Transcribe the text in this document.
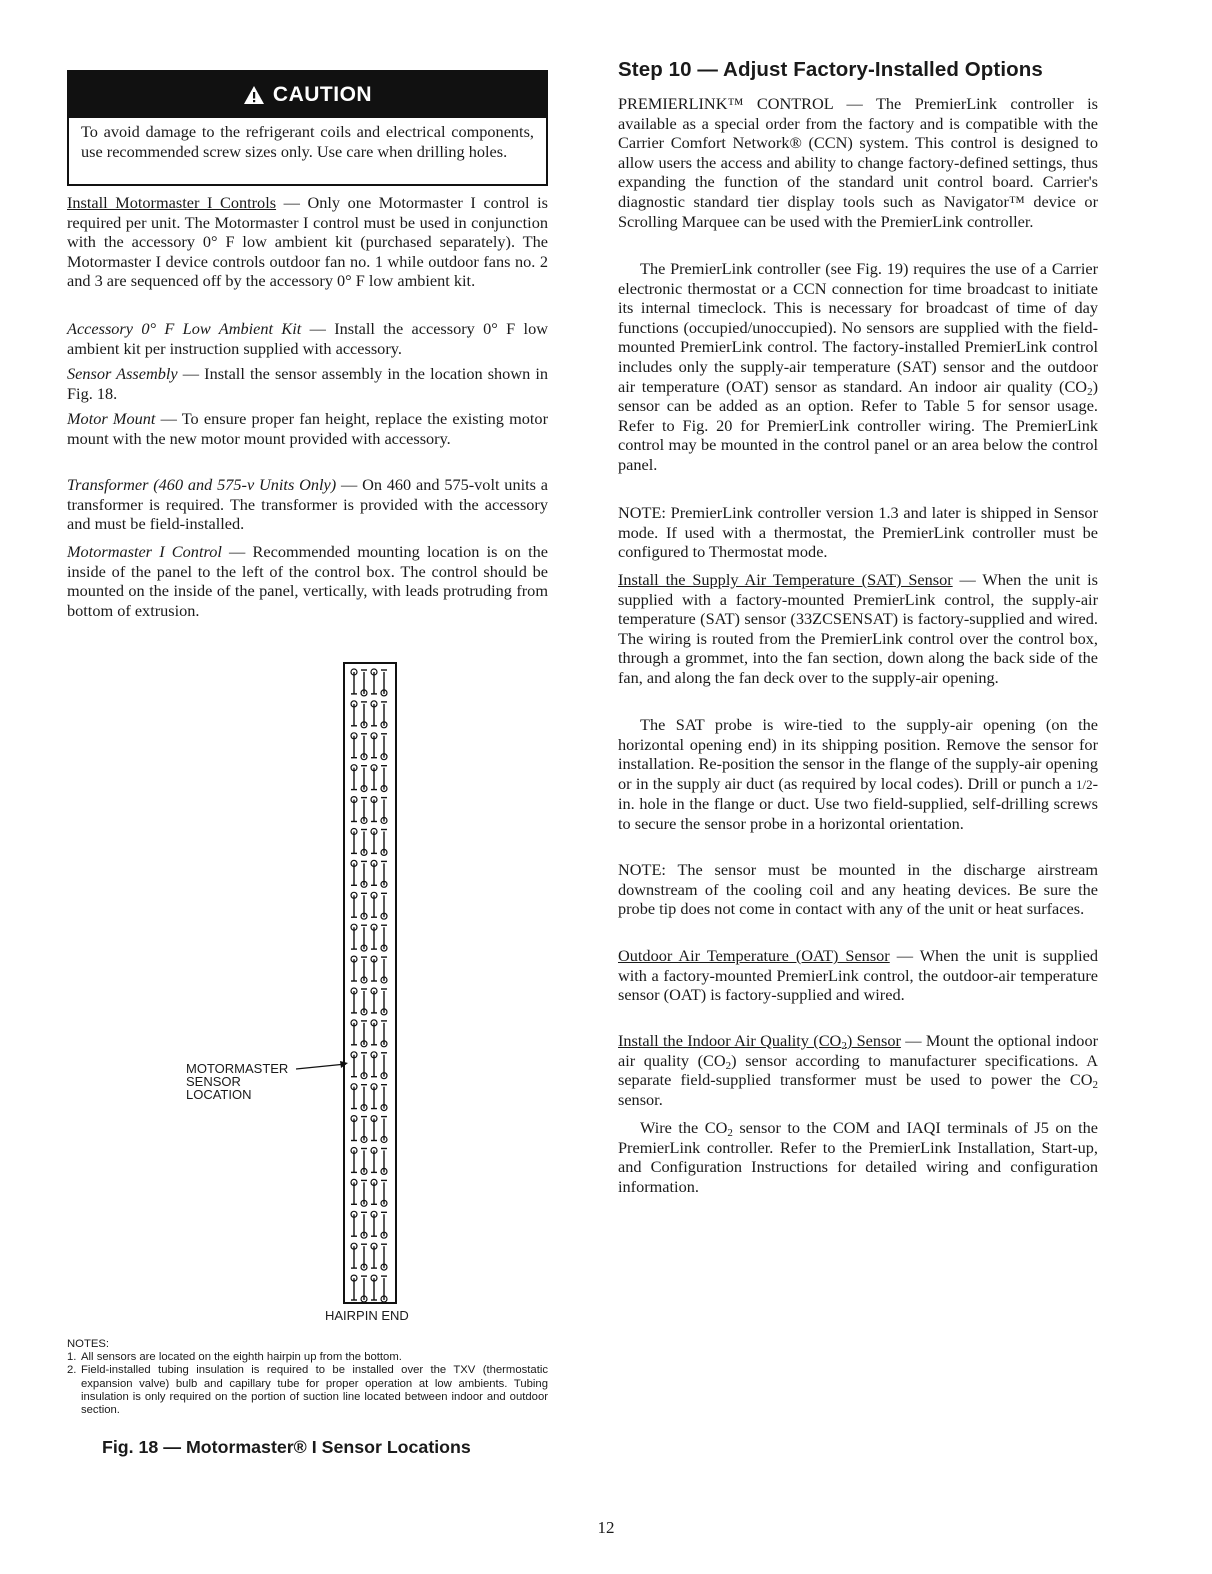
CAUTION
To avoid damage to the refrigerant coils and electrical components, use recommended screw sizes only. Use care when drilling holes.

Install Motormaster I Controls — Only one Motormaster I control is required per unit. The Motormaster I control must be used in conjunction with the accessory 0° F low ambient kit (purchased separately). The Motormaster I device controls outdoor fan no. 1 while outdoor fans no. 2 and 3 are sequenced off by the accessory 0° F low ambient kit.

Accessory 0° F Low Ambient Kit — Install the accessory 0° F low ambient kit per instruction supplied with accessory.

Sensor Assembly — Install the sensor assembly in the location shown in Fig. 18.

Motor Mount — To ensure proper fan height, replace the existing motor mount with the new motor mount provided with accessory.

Transformer (460 and 575-v Units Only) — On 460 and 575-volt units a transformer is required. The transformer is provided with the accessory and must be field-installed.

Motormaster I Control — Recommended mounting location is on the inside of the panel to the left of the control box. The control should be mounted on the inside of the panel, vertically, with leads protruding from bottom of extrusion.

MOTORMASTER
SENSOR
LOCATION
HAIRPIN END
NOTES:
1. All sensors are located on the eighth hairpin up from the bottom.
2. Field-installed tubing insulation is required to be installed over the TXV (thermostatic expansion valve) bulb and capillary tube for proper operation at low ambients. Tubing insulation is only required on the portion of suction line located between indoor and outdoor section.
Fig. 18 — Motormaster® I Sensor Locations
Step 10 — Adjust Factory-Installed Options

PREMIERLINK™ CONTROL — The PremierLink controller is available as a special order from the factory and is compatible with the Carrier Comfort Network® (CCN) system. This control is designed to allow users the access and ability to change factory-defined settings, thus expanding the function of the standard unit control board. Carrier's diagnostic standard tier display tools such as Navigator™ device or Scrolling Marquee can be used with the PremierLink controller.

The PremierLink controller (see Fig. 19) requires the use of a Carrier electronic thermostat or a CCN connection for time broadcast to initiate its internal timeclock. This is necessary for broadcast of time of day functions (occupied/unoccupied). No sensors are supplied with the field-mounted PremierLink control. The factory-installed PremierLink control includes only the supply-air temperature (SAT) sensor and the outdoor air temperature (OAT) sensor as standard. An indoor air quality $(CO_2)$ sensor can be added as an option. Refer to Table 5 for sensor usage. Refer to Fig. 20 for PremierLink controller wiring. The PremierLink control may be mounted in the control panel or an area below the control panel.

NOTE: PremierLink controller version 1.3 and later is shipped in Sensor mode. If used with a thermostat, the PremierLink controller must be configured to Thermostat mode.

Install the Supply Air Temperature (SAT) Sensor — When the unit is supplied with a factory-mounted PremierLink control, the supply-air temperature (SAT) sensor (33ZCSENSAT) is factory-supplied and wired. The wiring is routed from the PremierLink control over the control box, through a grommet, into the fan section, down along the back side of the fan, and along the fan deck over to the supply-air opening.

The SAT probe is wire-tied to the supply-air opening (on the horizontal opening end) in its shipping position. Remove the sensor for installation. Re-position the sensor in the flange of the supply-air opening or in the supply air duct (as required by local codes). Drill or punch a 1/2-in. hole in the flange or duct. Use two field-supplied, self-drilling screws to secure the sensor probe in a horizontal orientation.

NOTE: The sensor must be mounted in the discharge airstream downstream of the cooling coil and any heating devices. Be sure the probe tip does not come in contact with any of the unit or heat surfaces.

Outdoor Air Temperature (OAT) Sensor — When the unit is supplied with a factory-mounted PremierLink control, the outdoor-air temperature sensor (OAT) is factory-supplied and wired.

Install the Indoor Air Quality $(CO_2)$ Sensor — Mount the optional indoor air quality $(CO_2)$ sensor according to manufacturer specifications. A separate field-supplied transformer must be used to power the $CO_2$ sensor.

Wire the $CO_2$ sensor to the COM and IAQI terminals of J5 on the PremierLink controller. Refer to the PremierLink Installation, Start-up, and Configuration Instructions for detailed wiring and configuration information.

12
